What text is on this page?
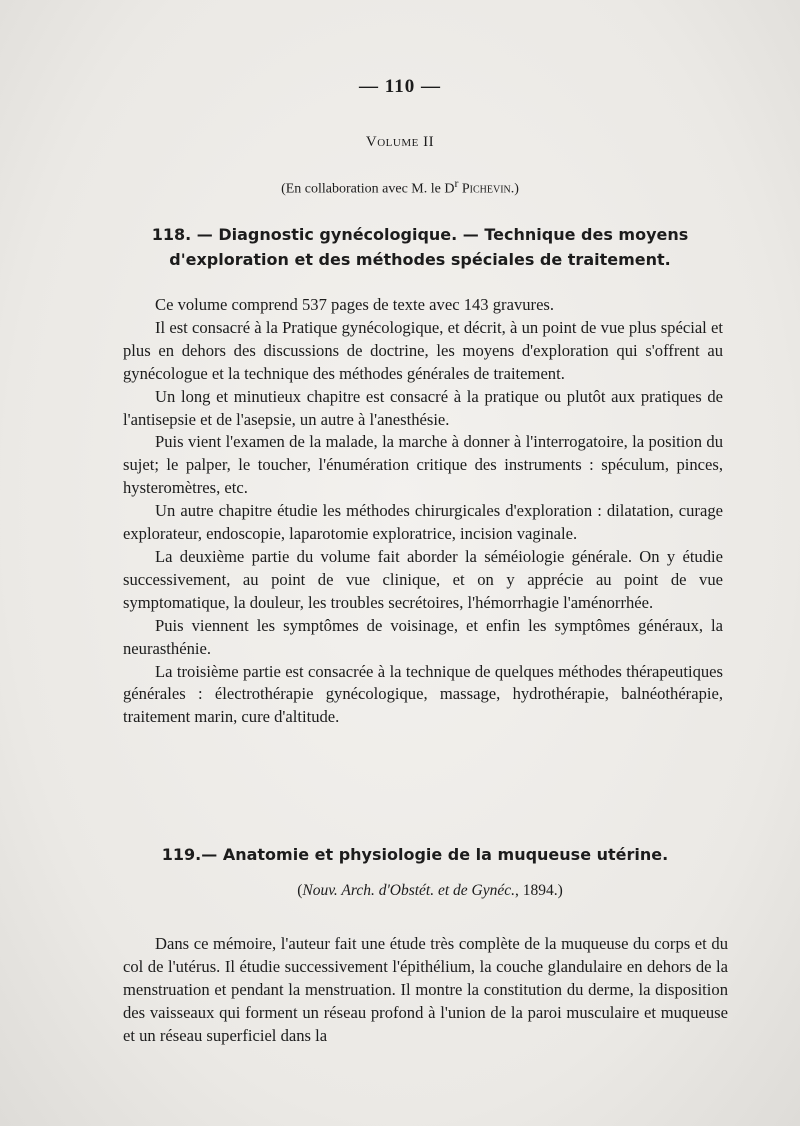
— 110 —
Volume II
(En collaboration avec M. le $D^r$ Pichevin.)
118. — Diagnostic gynécologique. — Technique des moyens
d'exploration et des méthodes spéciales de traitement.

Ce volume comprend 537 pages de texte avec 143 gravures.

Il est consacré à la Pratique gynécologique, et décrit, à un point de vue plus spécial et plus en dehors des discussions de doctrine, les moyens d'exploration qui s'offrent au gynécologue et la technique des méthodes générales de traitement.

Un long et minutieux chapitre est consacré à la pratique ou plutôt aux pratiques de l'antisepsie et de l'asepsie, un autre à l'anesthésie.

Puis vient l'examen de la malade, la marche à donner à l'interrogatoire, la position du sujet; le palper, le toucher, l'énumération critique des instruments : spéculum, pinces, hysteromètres, etc.

Un autre chapitre étudie les méthodes chirurgicales d'exploration : dilatation, curage explorateur, endoscopie, laparotomie exploratrice, incision vaginale.

La deuxième partie du volume fait aborder la séméiologie générale. On y étudie successivement, au point de vue clinique, et on y apprécie au point de vue symptomatique, la douleur, les troubles secrétoires, l'hémorrhagie l'aménorrhée.

Puis viennent les symptômes de voisinage, et enfin les symptômes généraux, la neurasthénie.

La troisième partie est consacrée à la technique de quelques méthodes thérapeutiques générales : électrothérapie gynécologique, massage, hydrothérapie, balnéothérapie, traitement marin, cure d'altitude.

119.— Anatomie et physiologie de la muqueuse utérine.
(Nouv. Arch. d'Obstét. et de Gynéc., 1894.)

Dans ce mémoire, l'auteur fait une étude très complète de la muqueuse du corps et du col de l'utérus. Il étudie successivement l'épithélium, la couche glandulaire en dehors de la menstruation et pendant la menstruation. Il montre la constitution du derme, la disposition des vaisseaux qui forment un réseau profond à l'union de la paroi musculaire et muqueuse et un réseau superficiel dans la
